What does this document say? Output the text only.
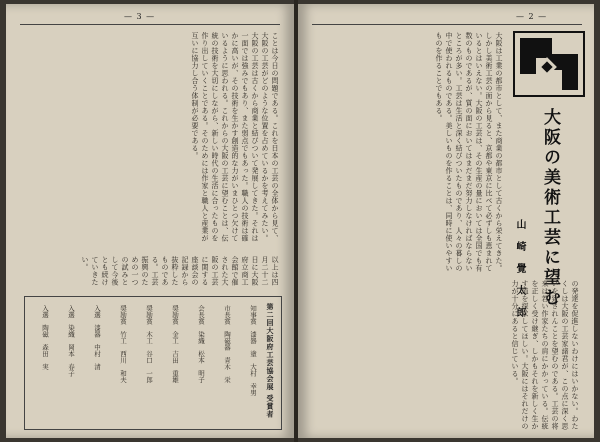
— 3 —
ことは今日の問題である。これを日本の工芸の全体から見て、大阪の工芸がどのような位置を占めているかを考えてみたい。大阪の工芸は古くから商業と結びついて発展してきた。それは一面では強みでもあり、また弱点でもあった。職人の技術は確かに高いが、その技術を生かす創造的な力がいまひとつ欠けているように思われる。これからの大阪の工芸に望むことは、伝統の技術を大切にしながら、新しい時代の生活に合ったものを作り出していくことである。そのためには作家と職人と産業が互いに協力し合う体制が必要である。
以上は四月二十二日に大阪府立商工会館で催された大阪の工芸に関する座談会の記録から抜粋したものである。工芸振興のための一つの試みとして今後とも続けていきたい。
第二回大阪府工芸協会展 受賞者
知事賞　漆器　塗　大村　幸男
市長賞　陶磁器　青木　栄
会長賞　染織　松本　明子
奨励賞　金工　吉田　重雄
奨励賞　木工　谷口　一郎
奨励賞　竹工　西川　和夫
入選　漆器　中村　清
入選　染織　岡本　春子
入選　陶磁　森田　実
— 2 —
大阪の美術工芸に望む
山崎覺太郎
大阪は工業の都市として、また商業の都市として古くから栄えてきた。しかし美術工芸の面から見ると、京都や東京に比べて必ずしも恵まれているとはいえない。大阪の工芸は、その生産の量においては全国でも有数のものであるが、質の面においてはまだまだ努力しなければならないところが多い。工芸は生活と深く結びついたものであり、人々の暮しの中で使われるものである。美しいものを作ることは、同時に使いやすいものを作ることでもある。
の発達を促進しないわけにはいかない。わたくしは大阪の工芸家諸君が、この点に深く思いを致されんことを望むのである。工芸の将来は若い作家たちの肩にかかっている。伝統を正しく受け継ぎ、しかもそれを新しく生かす道を探求してほしい。大阪にはそれだけの力が十分にあると信じている。
